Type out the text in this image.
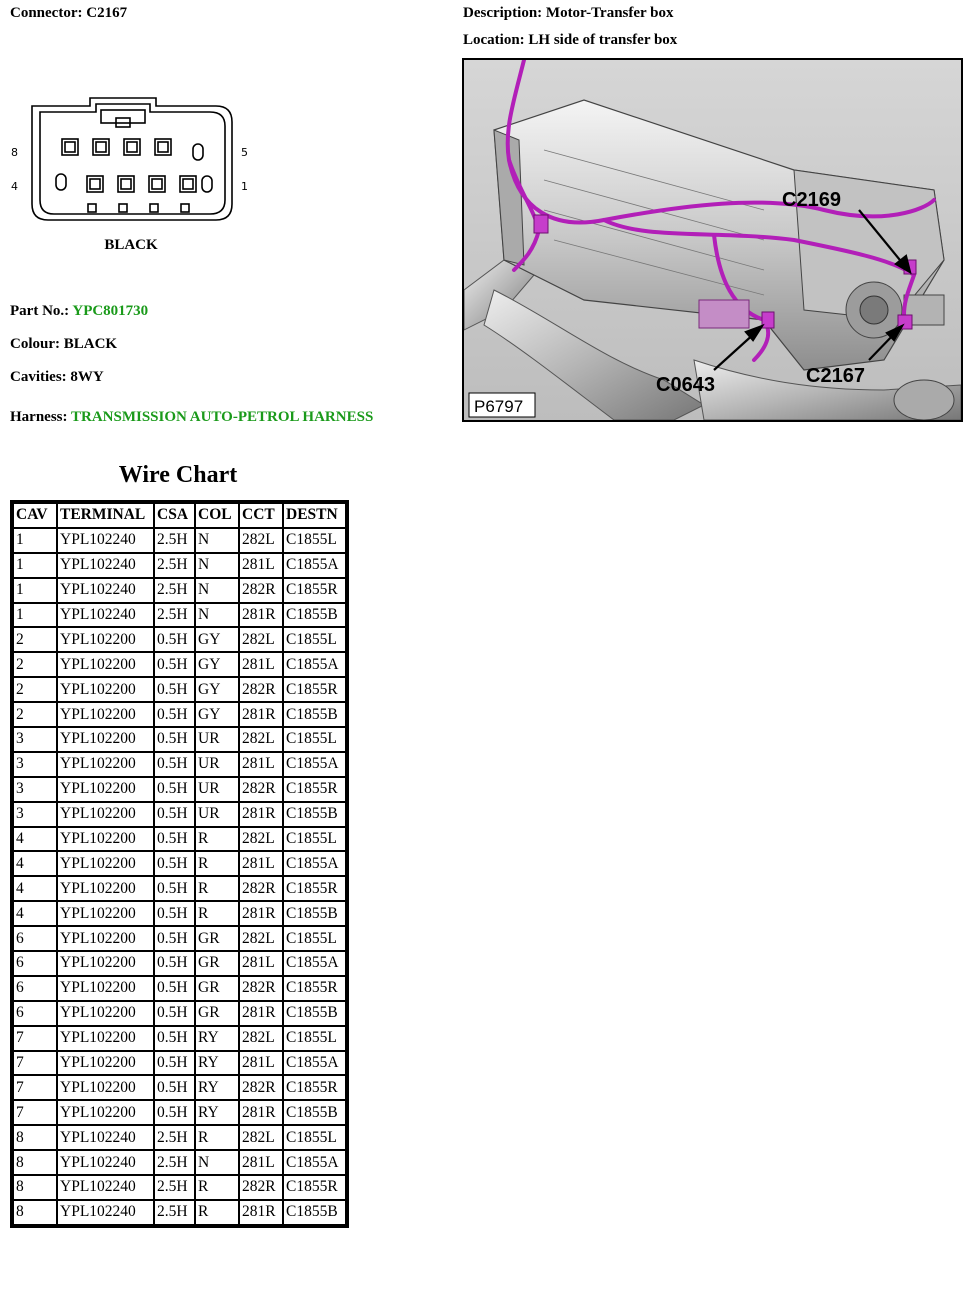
Connector: C2167	Description: Motor-Transfer box
Location: LH side of transfer box
8	5
4	1
BLACK
Part No.: YPC801730
Colour: BLACK
Cavities: 8WY
Harness: TRANSMISSION AUTO-PETROL HARNESS
C2169
C0643	C2167
P6797
Wire Chart
CAV	TERMINAL	CSA	COL	CCT	DESTN
1	YPL102240	2.5H	N	282L	C1855L
1	YPL102240	2.5H	N	281L	C1855A
1	YPL102240	2.5H	N	282R	C1855R
1	YPL102240	2.5H	N	281R	C1855B
2	YPL102200	0.5H	GY	282L	C1855L
2	YPL102200	0.5H	GY	281L	C1855A
2	YPL102200	0.5H	GY	282R	C1855R
2	YPL102200	0.5H	GY	281R	C1855B
3	YPL102200	0.5H	UR	282L	C1855L
3	YPL102200	0.5H	UR	281L	C1855A
3	YPL102200	0.5H	UR	282R	C1855R
3	YPL102200	0.5H	UR	281R	C1855B
4	YPL102200	0.5H	R	282L	C1855L
4	YPL102200	0.5H	R	281L	C1855A
4	YPL102200	0.5H	R	282R	C1855R
4	YPL102200	0.5H	R	281R	C1855B
6	YPL102200	0.5H	GR	282L	C1855L
6	YPL102200	0.5H	GR	281L	C1855A
6	YPL102200	0.5H	GR	282R	C1855R
6	YPL102200	0.5H	GR	281R	C1855B
7	YPL102200	0.5H	RY	282L	C1855L
7	YPL102200	0.5H	RY	281L	C1855A
7	YPL102200	0.5H	RY	282R	C1855R
7	YPL102200	0.5H	RY	281R	C1855B
8	YPL102240	2.5H	R	282L	C1855L
8	YPL102240	2.5H	N	281L	C1855A
8	YPL102240	2.5H	R	282R	C1855R
8	YPL102240	2.5H	R	281R	C1855B
